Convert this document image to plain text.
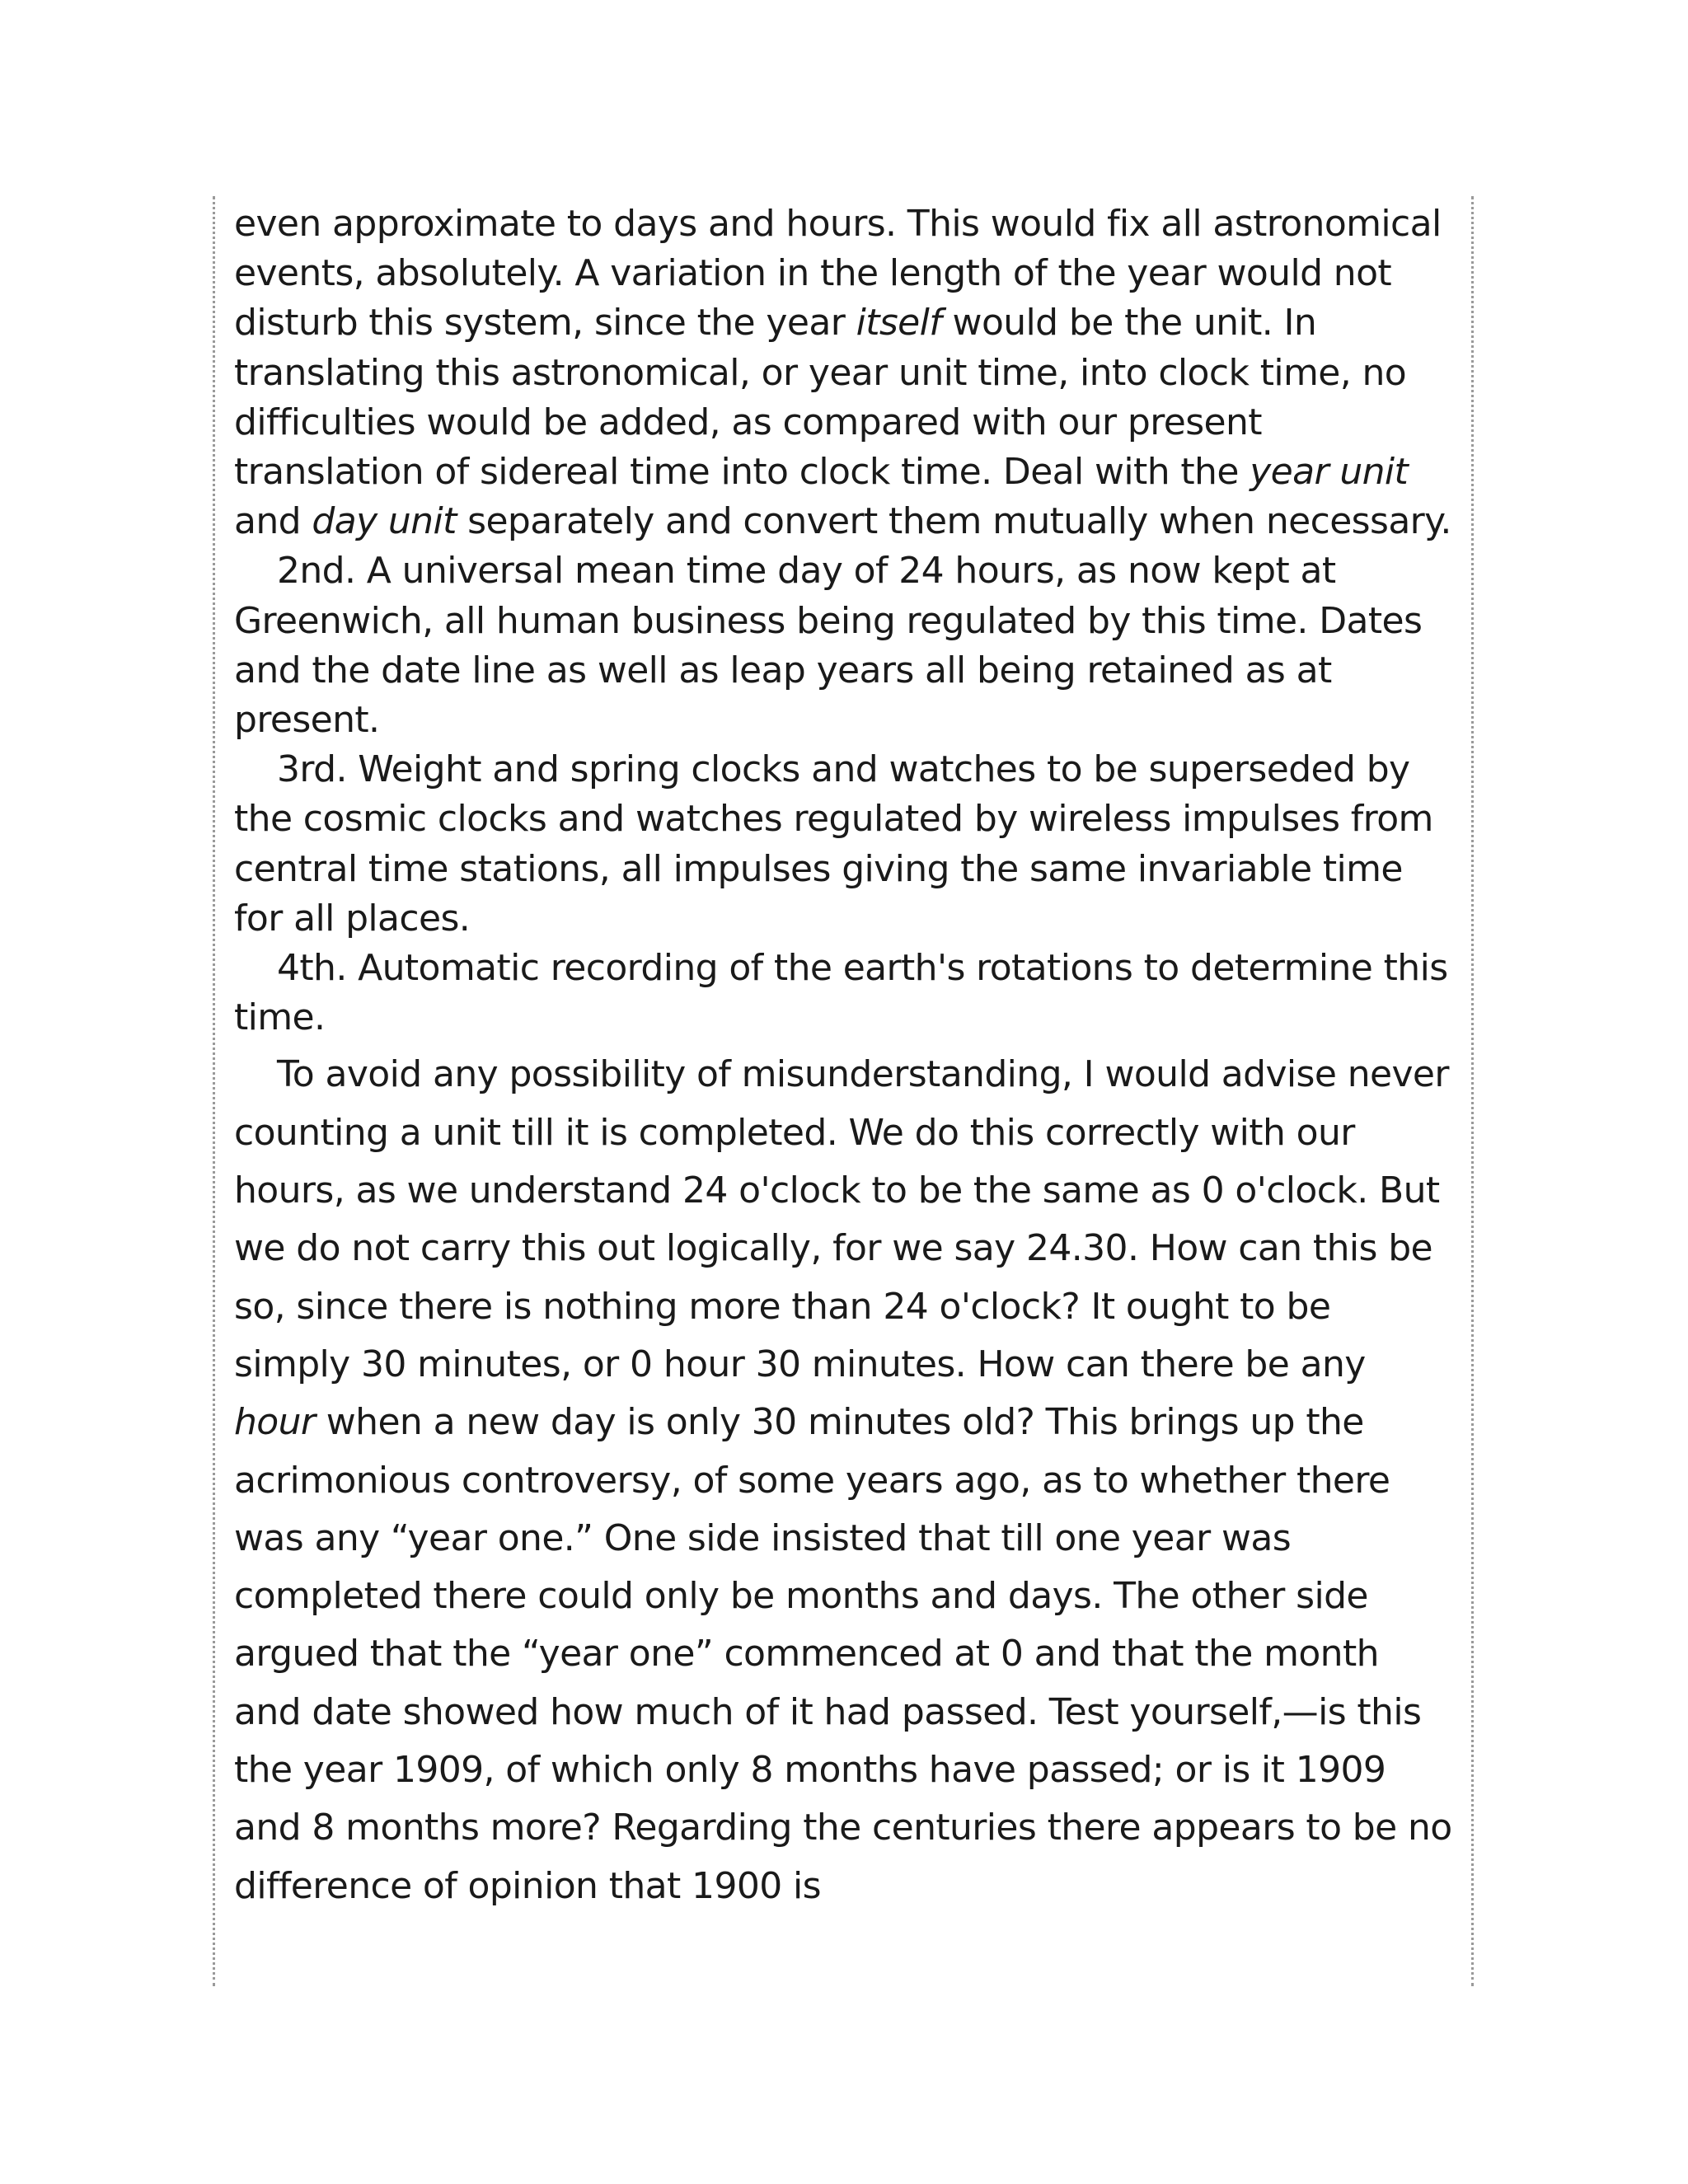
even approximate to days and hours. This would fix all astronomical events, absolutely. A variation in the length of the year would not disturb this system, since the year itself would be the unit. In translating this astronomical, or year unit time, into clock time, no difficulties would be added, as compared with our present translation of sidereal time into clock time. Deal with the year unit and day unit separately and convert them mutually when necessary.

2nd. A universal mean time day of 24 hours, as now kept at Greenwich, all human business being regulated by this time. Dates and the date line as well as leap years all being retained as at present.

3rd. Weight and spring clocks and watches to be superseded by the cosmic clocks and watches regulated by wireless impulses from central time stations, all impulses giving the same invariable time for all places.

4th. Automatic recording of the earth's rotations to determine this time.

To avoid any possibility of misunderstanding, I would advise never counting a unit till it is completed. We do this correctly with our hours, as we understand 24 o'clock to be the same as 0 o'clock. But we do not carry this out logically, for we say 24.30. How can this be so, since there is nothing more than 24 o'clock? It ought to be simply 30 minutes, or 0 hour 30 minutes. How can there be any hour when a new day is only 30 minutes old? This brings up the acrimonious controversy, of some years ago, as to whether there was any “year one.” One side insisted that till one year was completed there could only be months and days. The other side argued that the “year one” commenced at 0 and that the month and date showed how much of it had passed. Test yourself,—is this the year 1909, of which only 8 months have passed; or is it 1909 and 8 months more? Regarding the centuries there appears to be no difference of opinion that 1900 is
